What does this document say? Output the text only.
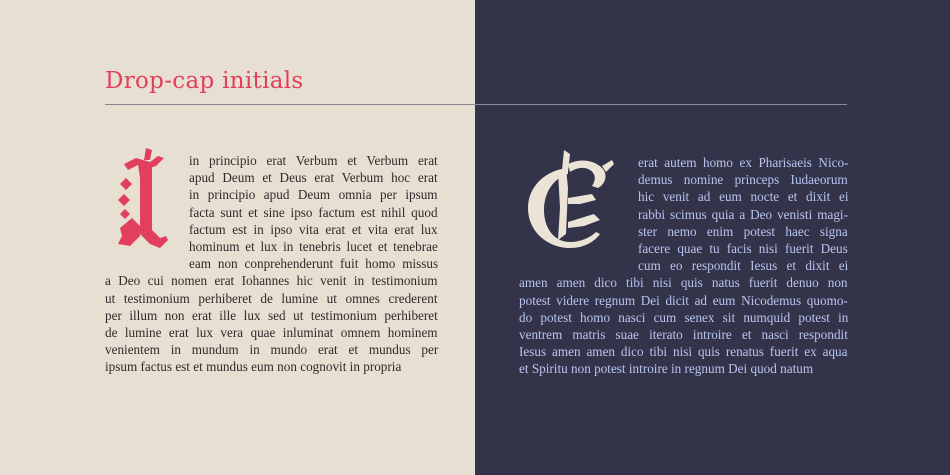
Drop-cap initials
in principio erat Verbum et Verbum erat
apud Deum et Deus erat Verbum hoc erat
in principio apud Deum omnia per ipsum
facta sunt et sine ipso factum est nihil quod
factum est in ipso vita erat et vita erat lux
hominum et lux in tenebris lucet et tenebrae
eam non conprehenderunt fuit homo missus
a Deo cui nomen erat Iohannes hic venit in testimonium
ut testimonium perhiberet de lumine ut omnes crederent
per illum non erat ille lux sed ut testimonium perhiberet
de lumine erat lux vera quae inluminat omnem hominem
venientem in mundum in mundo erat et mundus per
ipsum factus est et mundus eum non cognovit in propria
erat autem homo ex Pharisaeis Nico-
demus nomine princeps Iudaeorum
hic venit ad eum nocte et dixit ei
rabbi scimus quia a Deo venisti magi-
ster nemo enim potest haec signa
facere quae tu facis nisi fuerit Deus
cum eo respondit Iesus et dixit ei
amen amen dico tibi nisi quis natus fuerit denuo non
potest videre regnum Dei dicit ad eum Nicodemus quomo-
do potest homo nasci cum senex sit numquid potest in
ventrem matris suae iterato introire et nasci respondit
Iesus amen amen dico tibi nisi quis renatus fuerit ex aqua
et Spiritu non potest introire in regnum Dei quod natum
